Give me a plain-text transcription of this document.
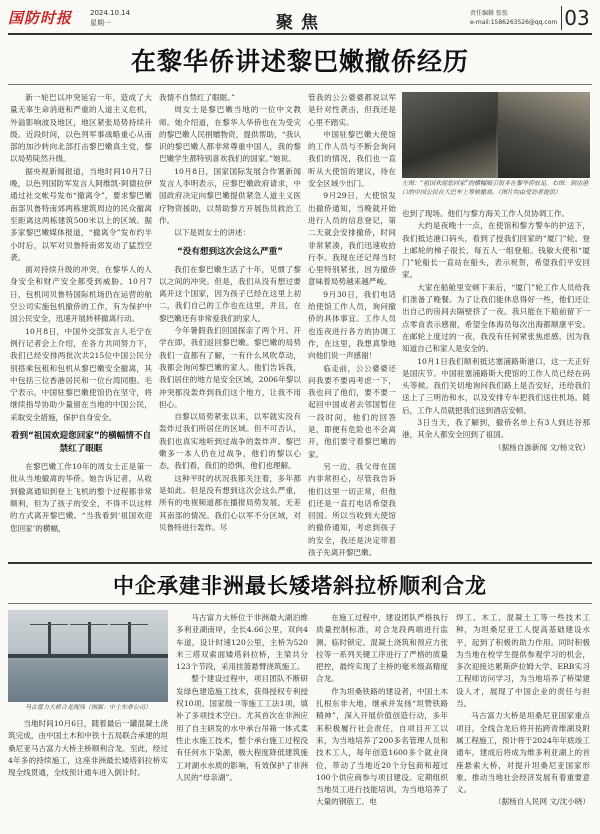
国防时报	2024.10.14
星期一	聚焦	责任编辑 张张
e-mail:1586263526@qq.com 03
在黎华侨讲述黎巴嫩撤侨经历

新一轮巴以冲突延宕一年，造成了大量无辜生命消逝和严重的人道主义危机，外溢影响波及地区，地区紧张局势持续升级。近段时间，以色列军事战略重心从南部的加沙转向北部打击黎巴嫩真主党，黎以局势陡然升级。

据央视新闻报道，当地时间10月7日晚，以色列国防军发言人阿维凯·阿德拉伊通过社交帐号发布“撤离令”，要求黎巴嫩南部贝鲁特南郊两栋建筑周边的民众撤离至距离这两栋建筑500米以上的区域。据多家黎巴嫩媒体报道，“撤离令”发布约半小时后，以军对贝鲁特南郊发动了猛烈空袭。

面对持续升级的冲突，在黎华人的人身安全和财产安全都受到威胁。10月7日，包机同贝鲁特国际机场仍在运营的航空公司实施包机撤侨的工作，有为保护中国公民安全，迅速开展转移撤离行动。

10月8日，中国外交部发言人毛宁在例行记者会上介绍，在各方共同努力下，我们已经安排两批次共215位中国公民分别搭乘包租和包机从黎巴嫩安全撤离，其中包括三位香港居民和一位台湾同胞。毛宁表示，中国驻黎巴嫩使馆仍在坚守，将继续指导协助少量留在当地的中国公民，采取安全措施，保护自身安全。

看到“祖国欢迎您回家”的横幅情不自禁红了眼眶

在黎巴嫩工作10年的周女士正是第一批从当地撤离的华侨。她告诉记者，从收到撤离通知到登上飞机的整个过程都非常顺利，但为了孩子的安全，不得不以这样的方式离开黎巴嫩。“当我看到‘祖国欢迎您回家’的横幅，

我情不自禁红了眼眶。”

周女士是黎巴嫩当地的一位中文教师。她介绍道，在黎华人华侨也在为受灾的黎巴嫩人民捐赠物资，提供帮助，“我认识的黎巴嫩人都非常尊重中国人，我的黎巴嫩学生都特别喜欢我们的国家。”她说。

10月8日，国家国际发展合作署新闻发言人李明表示，应黎巴嫩政府请求，中国政府决定向黎巴嫩提供紧急人道主义医疗物资援助，以帮助黎方开展伤员救治工作。

以下是周女士的讲述：

“没有想到这次会这么严重”

我们在黎巴嫩生活了十年，见惯了黎以之间的冲突。但是，我们从没有想过要离开这个国家，因为孩子已经在这里上初二，我们自己的工作也在这里，并且，在黎巴嫩还有非常爱我们的家人。

今年暑假我们回国探亲了两个月。开学在即，我们返回黎巴嫩。黎巴嫩的局势我们一直都有了解，一有什么风吹草动，我都会询问黎巴嫩的家人。他们告诉我，我们居住的地方是安全区域，2006年黎以冲突都没轰炸到我们这个地方，让我不用担心。

自黎以局势紧张以来，以军就实没有轰炸过我们所居住的区域。但不可否认，我们也真实地听到过战争的轰炸声。黎巴嫩多一本人仍在过战争，他们的黎以心态，我们看，我们的恐惧，他们也理解。

这种平时的状况我都关注着，多年都是如此。但是没有想到这次会这么严重，所有的电视频道都在播报局势发展，无差其南部的情况。我们心以军不分区域，对贝鲁特进行轰炸。尽

管我的公公婆婆都说以军是针对性袭击，但我还是心里不踏实。

中国驻黎巴嫩大使馆的工作人员与不断会询问我们的情况，我们也一直听从大使馆的建议，待在安全区域少出门。

9月29日，大使馆发出撤侨通知，当晚就开始进行人员的信息登记，第二天就会安排撤侨，时间非常紧凑，我们迅速收拾行李。我现在还记得当时心里特别紧张，因为撤侨意味着局势越来越严峻。

9月30日，我们电话给使馆工作人员，询问撤侨的具体事宜。工作人员也连夜进行各方的协调工作，在这里，我想真挚地向他们说一声感谢！

临走前，公公婆婆还问我要不要再考虑一下，我也问了他们，要不要一起回中国或者去邻国暂住一段时间，他们的回答是，即便有危险也不会离开，他们要守着黎巴嫩的家。

另一边，我父母在国内非常担心，尽管我告诉他们这里一切正常，但他们还是一直打电话希望我回国。所以当收到大使馆的撤侨通知，考虑到孩子的安全，我还是决定带着孩子先离开黎巴嫩。

左图：“祖国欢迎您回家”的横幅吸引很多在黎华侨驻足。右图：到达港口的中国公民在大巴车上等候撤离。（图片均由受访者提供）

也到了现场。他们与黎方海关工作人员协调工作。

大约是夜晚十一点，在使馆和黎方警车的护送下，我们抵达港口码头，看到了授我们回家的“厦门”轮。登上邮轮的梯子很长，每五人一组登船。钱敏大使和“厦门”轮船长一直站在船头，表示祝贺，希望我们平安回家。

大家在船舱里安顿下来后，“厦门”轮工作人员给我们准备了晚餐。为了让我们能休息得好一些，他们还让出自己的房间去隔壁挤了一夜。我只能在下船前留下一点零食表示感谢，希望全体海员每次出海都顺康平安。在邮轮上度过的一夜，我没有任何紧张焦虑感，因为我知道自己和家人是安全的。

10月1日我们顺利抵达塞浦路斯港口，这一天正好是国庆节。中国驻塞浦路斯大使馆的工作人员已经在码头等候。我们关切地询问我们路上是否安好，还给我们送上了三明治和水，以及安排专车把我们送往机场。随后，工作人员就把我们送到酒店安顿。

3日当天，我了解到，撤侨名单上有3人到达谷那港，其余人都安全回到了祖国。

（据杨自游新闻 文/杨文钦）

中企承建非洲最长矮塔斜拉桥顺利合龙
马古富力大桥合龙现场（图源：中土东非公司）

当地时间10月6日，随着最后一罐混凝土浇筑完成，由中国土木和中铁十五局联合承建的坦桑尼亚马古富力大桥主桥顺利合龙。至此，经过4年多的持续施工，这座非洲最长矮塔斜拉桥实现全线贯通，全线预计通车进入倒计时。

马古富力大桥位于非洲最大湖泊维多利亚湖南岸，全长4.66公里，双向4车道，设计时速120公里，主桥为520米三塔双索面矮塔斜拉桥，主梁共分123个节段，采用挂篮悬臂浇筑施工。

整个建设过程中，项目团队不断研发绿色建造施工技术，获得授权专利授权10项、国家级一等施工工法1项，填补了多项技术空白。尤其首次在非洲应用了自主研发的水中承台吊箱一体式柔性止水施工技术，整个承台施工过程没有任何水下染源，极大程度降低建筑施工对湖水水质的影响，有效保护了非洲人民的“母亲湖”。

在施工过程中，建设团队严格执行质量控制标准，对合龙段两端进行监测、临时锁定、混凝土浇筑和预应力张拉等一系列关键工序进行了严格的质量把控，最终实现了主桥的毫米级高精度合龙。

作为坦桑铁路的建设者，中国土木扎根东非大地，继承并发扬“坦赞铁路精神”，深入开展价值创造行动，多年来积极履行社会责任，自项目开工以来，为当地培养了200多名管理人员和技术工人，每年创造1600多个就业岗位，带动了当地近20个分包商和超过100个供应商参与项目建设。定期组织当地员工进行技能培训，为当地培养了大量的钢筋工、电

焊工、木工、混凝土工等一些技术工种，为坦桑尼亚工人提高基础建设水平，起到了积极的助力作用。同时积极为当地在校学生提供参观学习的机会，多次迎接达累斯萨拉姆大学、ERB实习工程师访问学习，为当地培养了桥梁建设人才，展现了中国企业的责任与担当。

马古富力大桥是坦桑尼亚国家重点项目，全线合龙后将开拓跨青维湖及附属工程施工，预计将于2024年年底竣工通车，建成后将成为维多利亚湖上的首座悬索大桥，对提升坦桑尼亚国家形象、推动当地社会经济发展有着重要意义。

（据杨自人民网 文/沈小晓）
